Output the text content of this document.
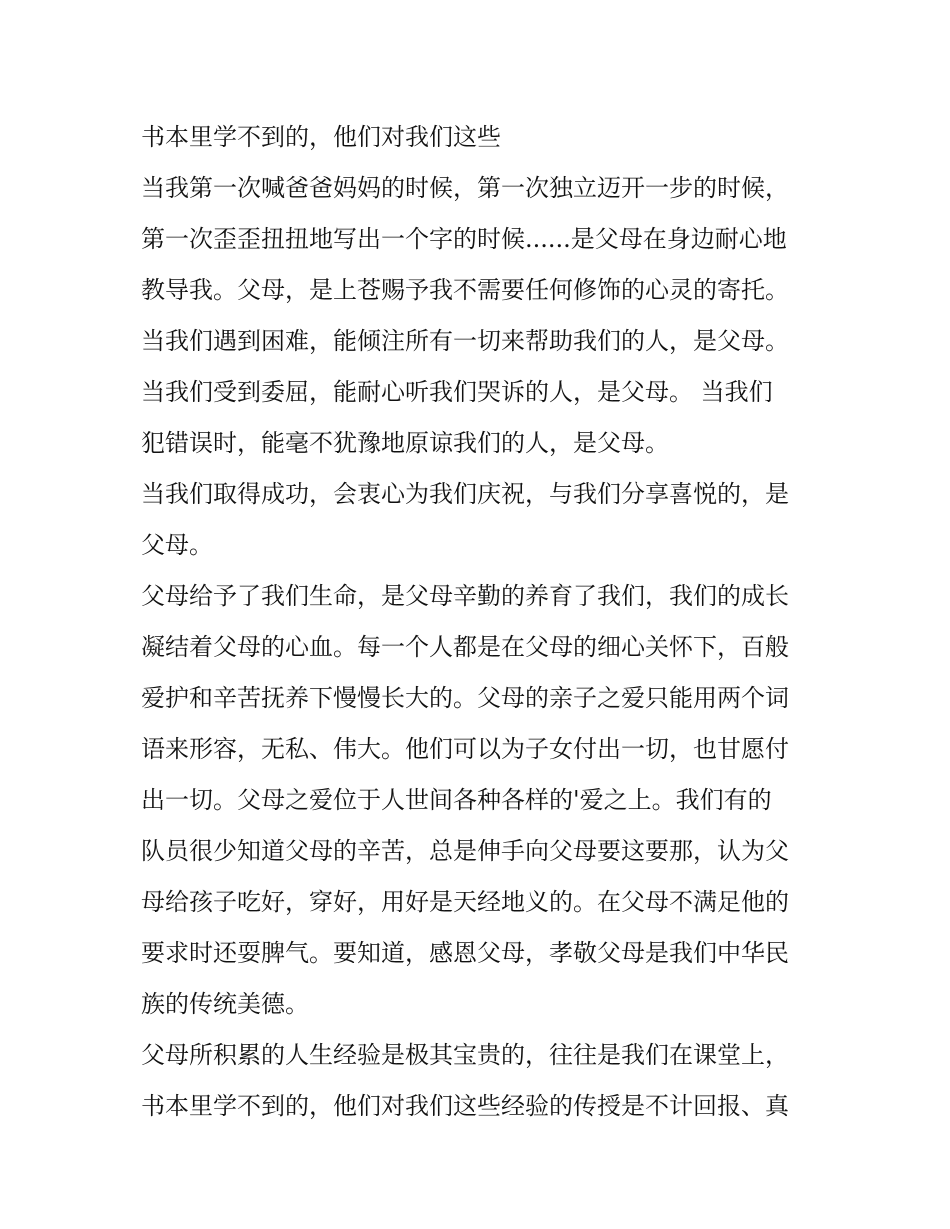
书本里学不到的，他们对我们这些
当我第一次喊爸爸妈妈的时候，第一次独立迈开一步的时候，
第一次歪歪扭扭地写出一个字的时候......是父母在身边耐心地
教导我。父母，是上苍赐予我不需要任何修饰的心灵的寄托。
当我们遇到困难，能倾注所有一切来帮助我们的人，是父母。
当我们受到委屈，能耐心听我们哭诉的人，是父母。 当我们
犯错误时，能毫不犹豫地原谅我们的人，是父母。
当我们取得成功，会衷心为我们庆祝，与我们分享喜悦的，是
父母。
父母给予了我们生命，是父母辛勤的养育了我们，我们的成长
凝结着父母的心血。每一个人都是在父母的细心关怀下，百般
爱护和辛苦抚养下慢慢长大的。父母的亲子之爱只能用两个词
语来形容，无私、伟大。他们可以为子女付出一切，也甘愿付
出一切。父母之爱位于人世间各种各样的'爱之上。我们有的
队员很少知道父母的辛苦，总是伸手向父母要这要那，认为父
母给孩子吃好，穿好，用好是天经地义的。在父母不满足他的
要求时还耍脾气。要知道，感恩父母，孝敬父母是我们中华民
族的传统美德。
父母所积累的人生经验是极其宝贵的，往往是我们在课堂上，
书本里学不到的，他们对我们这些经验的传授是不计回报、真
